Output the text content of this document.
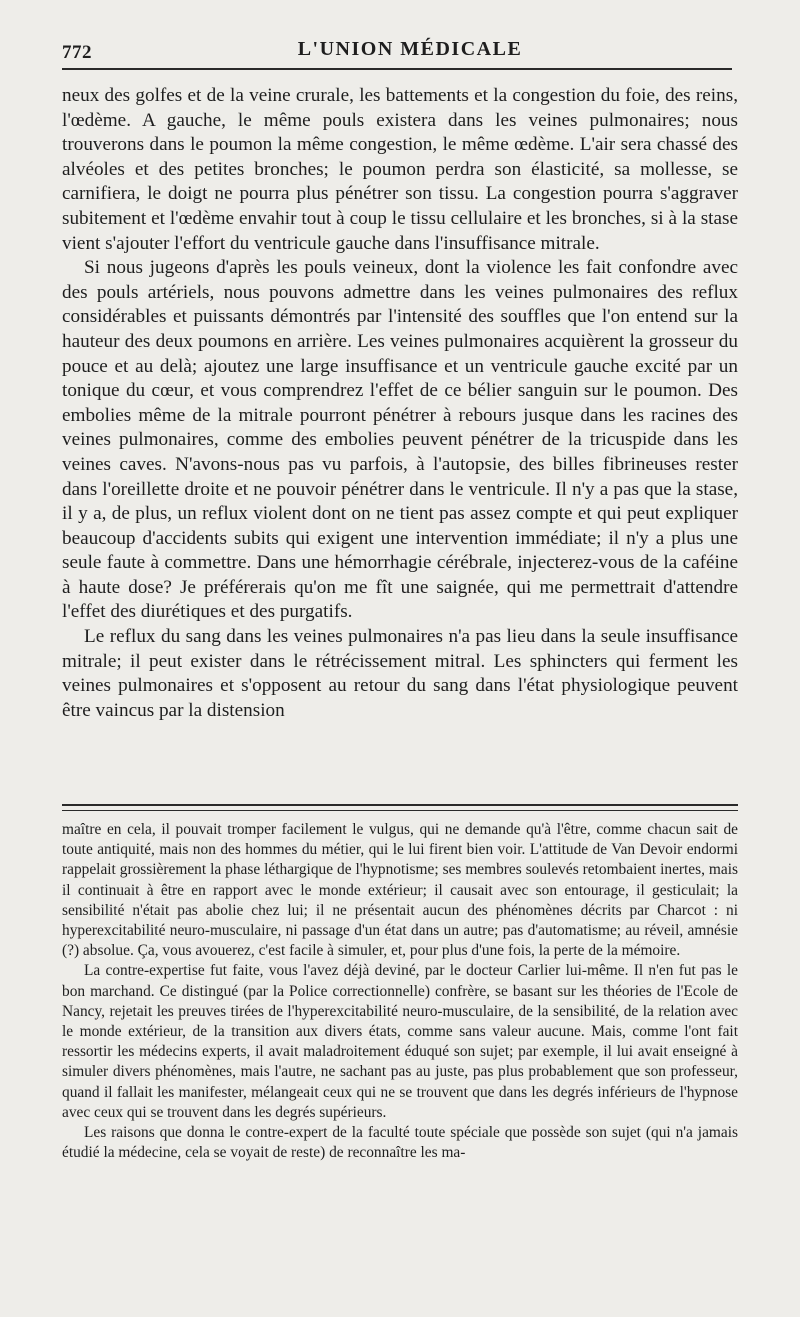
772	L'UNION MÉDICALE

neux des golfes et de la veine crurale, les battements et la congestion du foie, des reins, l'œdème. A gauche, le même pouls existera dans les veines pulmonaires; nous trouverons dans le poumon la même congestion, le même œdème. L'air sera chassé des alvéoles et des petites bronches; le poumon perdra son élasticité, sa mollesse, se carnifiera, le doigt ne pourra plus pénétrer son tissu. La congestion pourra s'aggraver subitement et l'œdème envahir tout à coup le tissu cellulaire et les bronches, si à la stase vient s'ajouter l'effort du ventricule gauche dans l'insuffisance mitrale.

Si nous jugeons d'après les pouls veineux, dont la violence les fait confondre avec des pouls artériels, nous pouvons admettre dans les veines pulmonaires des reflux considérables et puissants démontrés par l'intensité des souffles que l'on entend sur la hauteur des deux poumons en arrière. Les veines pulmonaires acquièrent la grosseur du pouce et au delà; ajoutez une large insuffisance et un ventricule gauche excité par un tonique du cœur, et vous comprendrez l'effet de ce bélier sanguin sur le poumon. Des embolies même de la mitrale pourront pénétrer à rebours jusque dans les racines des veines pulmonaires, comme des embolies peuvent pénétrer de la tricuspide dans les veines caves. N'avons-nous pas vu parfois, à l'autopsie, des billes fibrineuses rester dans l'oreillette droite et ne pouvoir pénétrer dans le ventricule. Il n'y a pas que la stase, il y a, de plus, un reflux violent dont on ne tient pas assez compte et qui peut expliquer beaucoup d'accidents subits qui exigent une intervention immédiate; il n'y a plus une seule faute à commettre. Dans une hémorrhagie cérébrale, injecterez-vous de la caféine à haute dose? Je préférerais qu'on me fît une saignée, qui me permettrait d'attendre l'effet des diurétiques et des purgatifs.

Le reflux du sang dans les veines pulmonaires n'a pas lieu dans la seule insuffisance mitrale; il peut exister dans le rétrécissement mitral. Les sphincters qui ferment les veines pulmonaires et s'opposent au retour du sang dans l'état physiologique peuvent être vaincus par la distension

maître en cela, il pouvait tromper facilement le vulgus, qui ne demande qu'à l'être, comme chacun sait de toute antiquité, mais non des hommes du métier, qui le lui firent bien voir. L'attitude de Van Devoir endormi rappelait grossièrement la phase léthargique de l'hypnotisme; ses membres soulevés retombaient inertes, mais il continuait à être en rapport avec le monde extérieur; il causait avec son entourage, il gesticulait; la sensibilité n'était pas abolie chez lui; il ne présentait aucun des phénomènes décrits par Charcot : ni hyperexcitabilité neuro-musculaire, ni passage d'un état dans un autre; pas d'automatisme; au réveil, amnésie (?) absolue. Ça, vous avouerez, c'est facile à simuler, et, pour plus d'une fois, la perte de la mémoire.

La contre-expertise fut faite, vous l'avez déjà deviné, par le docteur Carlier lui-même. Il n'en fut pas le bon marchand. Ce distingué (par la Police correctionnelle) confrère, se basant sur les théories de l'Ecole de Nancy, rejetait les preuves tirées de l'hyperexcitabilité neuro-musculaire, de la sensibilité, de la relation avec le monde extérieur, de la transition aux divers états, comme sans valeur aucune. Mais, comme l'ont fait ressortir les médecins experts, il avait maladroitement éduqué son sujet; par exemple, il lui avait enseigné à simuler divers phénomènes, mais l'autre, ne sachant pas au juste, pas plus probablement que son professeur, quand il fallait les manifester, mélangeait ceux qui ne se trouvent que dans les degrés inférieurs de l'hypnose avec ceux qui se trouvent dans les degrés supérieurs.

Les raisons que donna le contre-expert de la faculté toute spéciale que possède son sujet (qui n'a jamais étudié la médecine, cela se voyait de reste) de reconnaître les ma-
